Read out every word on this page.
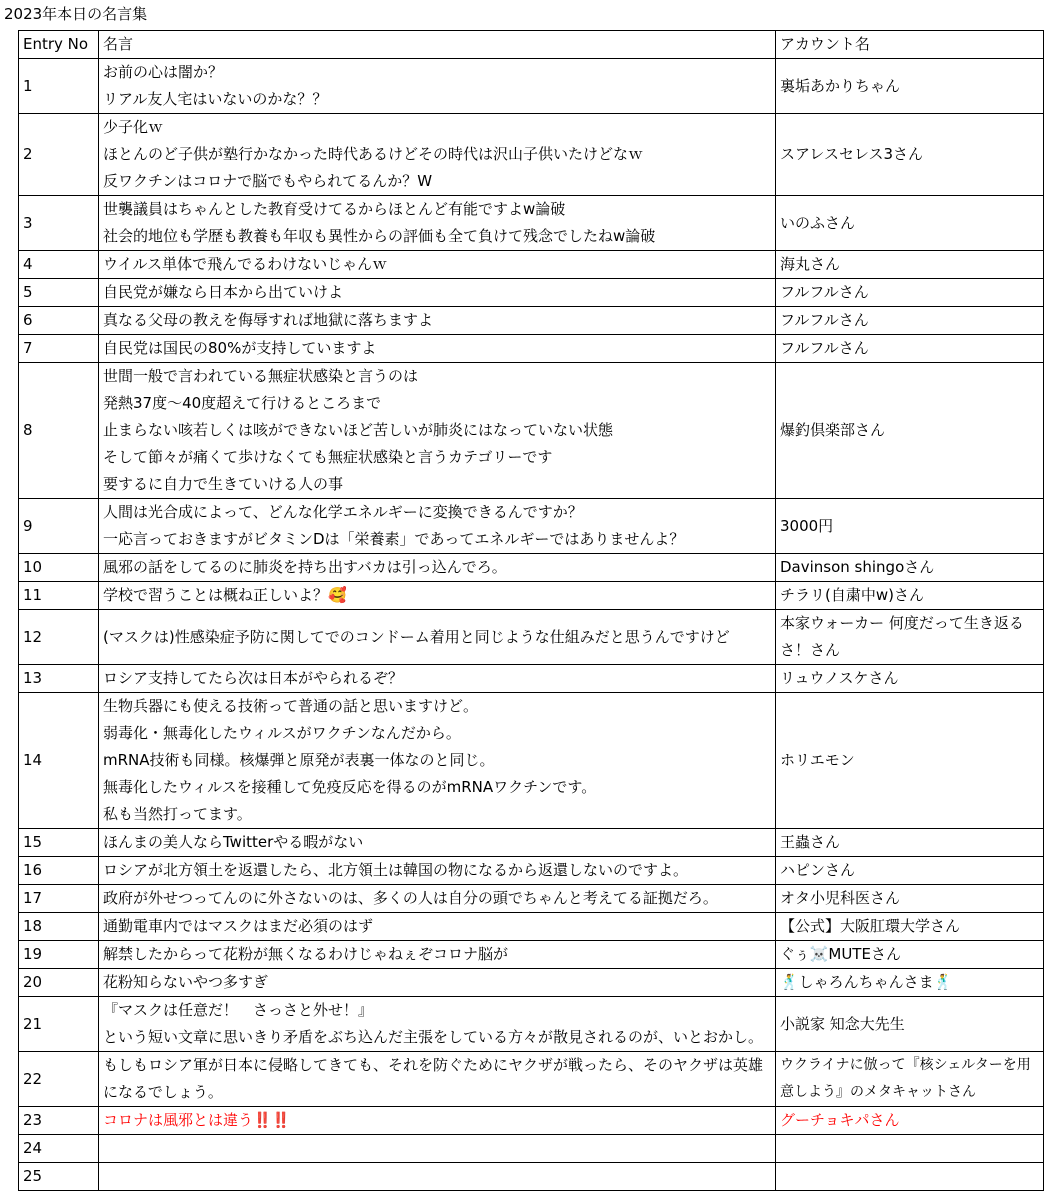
2023年本日の名言集
Entry No	名言	アカウント名
1	お前の心は闇か？
リアル友人宅はいないのかな？？	裏垢あかりちゃん
2	少子化ｗ
ほとんのど子供が塾行かなかった時代あるけどその時代は沢山子供いたけどなｗ
反ワクチンはコロナで脳でもやられてるんか？W	スアレスセレス3さん
3	世襲議員はちゃんとした教育受けてるからほとんど有能ですよw論破
社会的地位も学歴も教養も年収も異性からの評価も全て負けて残念でしたねw論破	いのふさん
4	ウイルス単体で飛んでるわけないじゃんｗ	海丸さん
5	自民党が嫌なら日本から出ていけよ	フルフルさん
6	真なる父母の教えを侮辱すれば地獄に落ちますよ	フルフルさん
7	自民党は国民の80%が支持していますよ	フルフルさん
8	世間一般で言われている無症状感染と言うのは
発熱37度～40度超えて行けるところまで
止まらない咳若しくは咳ができないほど苦しいが肺炎にはなっていない状態
そして節々が痛くて歩けなくても無症状感染と言うカテゴリーです
要するに自力で生きていける人の事	爆釣倶楽部さん
9	人間は光合成によって、どんな化学エネルギーに変換できるんですか？
一応言っておきますがビタミンDは「栄養素」であってエネルギーではありませんよ？	3000円
10	風邪の話をしてるのに肺炎を持ち出すバカは引っ込んでろ。	Davinson shingoさん
11	学校で習うことは概ね正しいよ？🥰	チラリ(自粛中w)さん
12	(マスクは)性感染症予防に関してでのコンドーム着用と同じような仕組みだと思うんですけど	本家ウォーカー 何度だって生き返るさ！さん
13	ロシア支持してたら次は日本がやられるぞ？	リュウノスケさん
14	生物兵器にも使える技術って普通の話と思いますけど。
弱毒化・無毒化したウィルスがワクチンなんだから。
mRNA技術も同様。核爆弾と原発が表裏一体なのと同じ。
無毒化したウィルスを接種して免疫反応を得るのがmRNAワクチンです。
私も当然打ってます。	ホリエモン
15	ほんまの美人ならTwitterやる暇がない	王蟲さん
16	ロシアが北方領土を返還したら、北方領土は韓国の物になるから返還しないのですよ。	ハピンさん
17	政府が外せつってんのに外さないのは、多くの人は自分の頭でちゃんと考えてる証拠だろ。	オタ小児科医さん
18	通勤電車内ではマスクはまだ必須のはず	【公式】大阪肛環大学さん
19	解禁したからって花粉が無くなるわけじゃねぇぞコロナ脳が	ぐぅ☠️MUTEさん
20	花粉知らないやつ多すぎ	🕺しゃろんちゃんさま🕺
21	『マスクは任意だ！　さっさと外せ！』
という短い文章に思いきり矛盾をぶち込んだ主張をしている方々が散見されるのが、いとおかし。	小説家 知念大先生
22	もしもロシア軍が日本に侵略してきても、それを防ぐためにヤクザが戦ったら、そのヤクザは英雄になるでしょう。	ウクライナに倣って『核シェルターを用意しよう』のメタキャットさん
23	コロナは風邪とは違う‼️‼️	グーチョキパさん
24		
25		
